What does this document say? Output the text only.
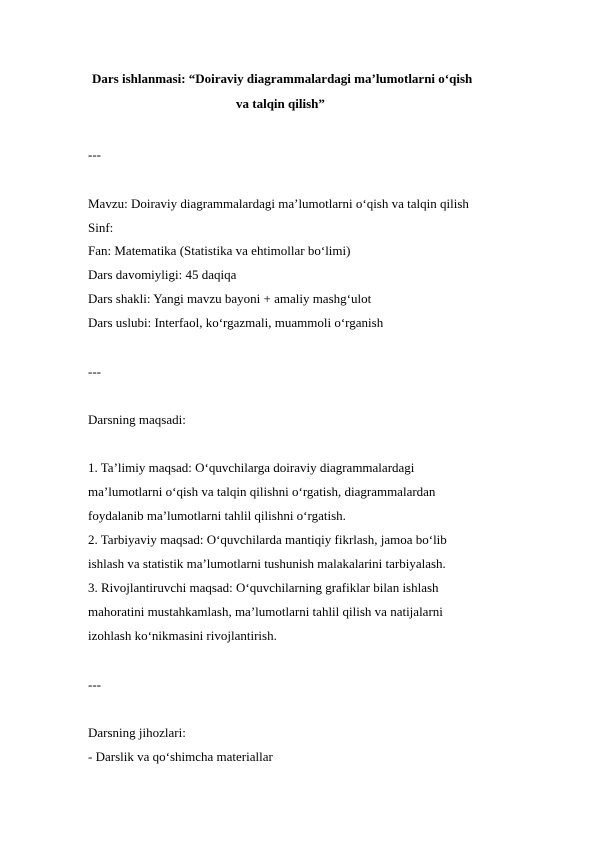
Dars ishlanmasi: “Doiraviy diagrammalardagi ma’lumotlarni o‘qish
va talqin qilish”
---
Mavzu: Doiraviy diagrammalardagi ma’lumotlarni o‘qish va talqin qilish
Sinf:
Fan: Matematika (Statistika va ehtimollar bo‘limi)
Dars davomiyligi: 45 daqiqa
Dars shakli: Yangi mavzu bayoni + amaliy mashg‘ulot
Dars uslubi: Interfaol, ko‘rgazmali, muammoli o‘rganish
---
Darsning maqsadi:
1. Ta’limiy maqsad: O‘quvchilarga doiraviy diagrammalardagi
ma’lumotlarni o‘qish va talqin qilishni o‘rgatish, diagrammalardan
foydalanib ma’lumotlarni tahlil qilishni o‘rgatish.
2. Tarbiyaviy maqsad: O‘quvchilarda mantiqiy fikrlash, jamoa bo‘lib
ishlash va statistik ma’lumotlarni tushunish malakalarini tarbiyalash.
3. Rivojlantiruvchi maqsad: O‘quvchilarning grafiklar bilan ishlash
mahoratini mustahkamlash, ma’lumotlarni tahlil qilish va natijalarni
izohlash ko‘nikmasini rivojlantirish.
---
Darsning jihozlari:
- Darslik va qo‘shimcha materiallar
